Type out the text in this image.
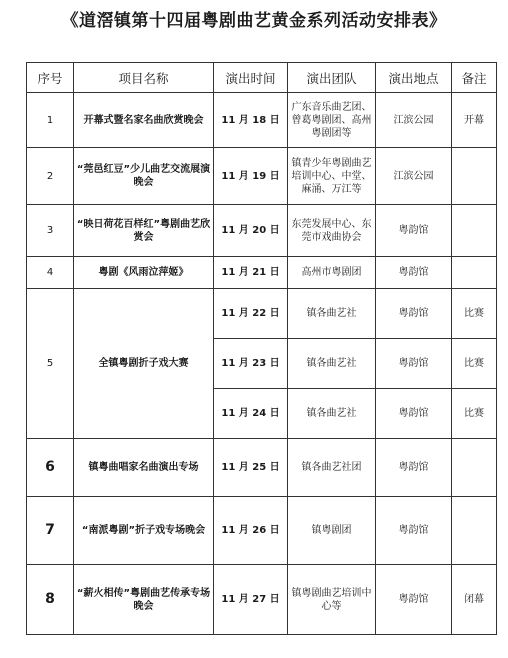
《道滘镇第十四届粤剧曲艺黄金系列活动安排表》
序号	项目名称	演出时间	演出团队	演出地点	备注
1	开幕式暨名家名曲欣赏晚会	11 月 18 日	广东音乐曲艺团、曾葛粤剧团、高州粤剧团等	江滨公园	开幕
2	“莞邑红豆”少儿曲艺交流展演晚会	11 月 19 日	镇青少年粤剧曲艺培训中心、中堂、麻涌、万江等	江滨公园	
3	“映日荷花百样红”粤剧曲艺欣赏会	11 月 20 日	东莞发展中心、东莞市戏曲协会	粤韵馆	
4	粤剧《风雨泣萍姬》	11 月 21 日	高州市粤剧团	粤韵馆	
5	全镇粤剧折子戏大赛	11 月 22 日	镇各曲艺社	粤韵馆	比赛
		11 月 23 日	镇各曲艺社	粤韵馆	比赛
		11 月 24 日	镇各曲艺社	粤韵馆	比赛
6	镇粤曲唱家名曲演出专场	11 月 25 日	镇各曲艺社团	粤韵馆	
7	“南派粤剧”折子戏专场晚会	11 月 26 日	镇粤剧团	粤韵馆	
8	“薪火相传”粤剧曲艺传承专场晚会	11 月 27 日	镇粤剧曲艺培训中心等	粤韵馆	闭幕
